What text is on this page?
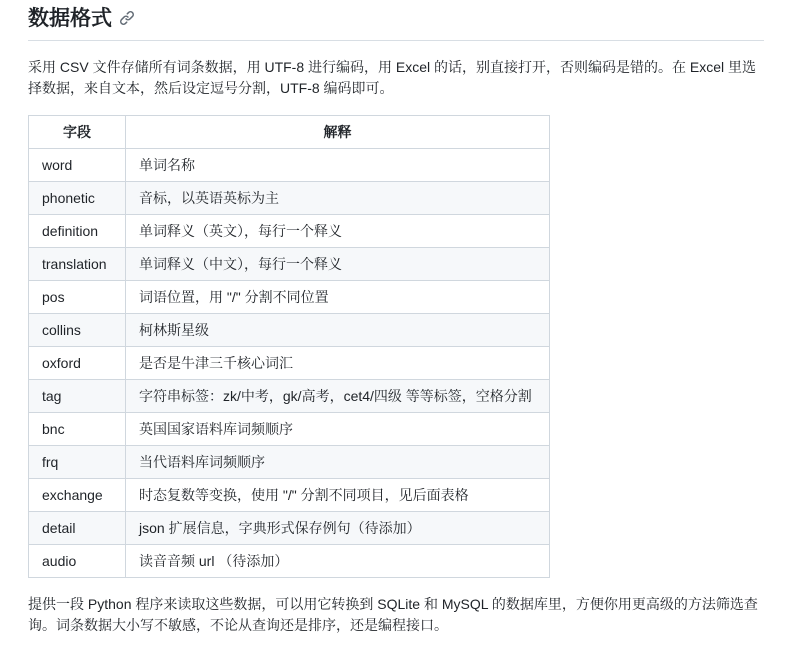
数据格式

采用 CSV 文件存储所有词条数据，用 UTF-8 进行编码，用 Excel 的话，别直接打开，否则编码是错的。在 Excel 里选择数据，来自文本，然后设定逗号分割，UTF-8 编码即可。

字段	解释
word	单词名称
phonetic	音标，以英语英标为主
definition	单词释义（英文），每行一个释义
translation	单词释义（中文），每行一个释义
pos	词语位置，用 "/" 分割不同位置
collins	柯林斯星级
oxford	是否是牛津三千核心词汇
tag	字符串标签：zk/中考，gk/高考，cet4/四级 等等标签，空格分割
bnc	英国国家语料库词频顺序
frq	当代语料库词频顺序
exchange	时态复数等变换，使用 "/" 分割不同项目，见后面表格
detail	json 扩展信息，字典形式保存例句（待添加）
audio	读音音频 url （待添加）

提供一段 Python 程序来读取这些数据，可以用它转换到 SQLite 和 MySQL 的数据库里，方便你用更高级的方法筛选查询。词条数据大小写不敏感，不论从查询还是排序，还是编程接口。
